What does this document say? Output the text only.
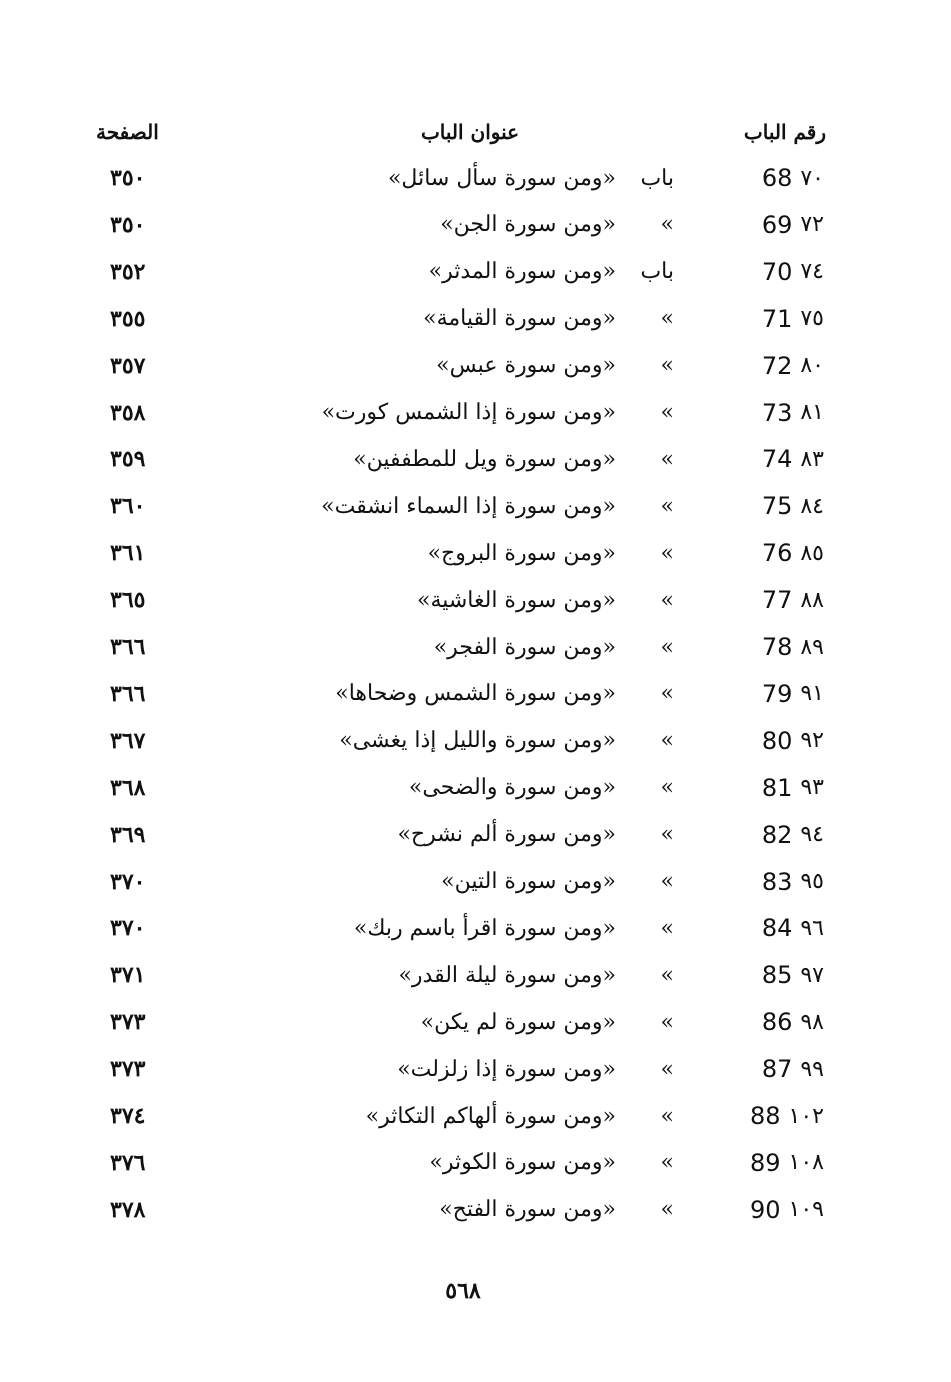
رقم الباب
عنوان الباب
الصفحة
68 ٧٠
باب
«ومن سورة سأل سائل»
٣٥٠
69 ٧٢
»
«ومن سورة الجن»
٣٥٠
70 ٧٤
باب
«ومن سورة المدثر»
٣٥٢
71 ٧٥
»
«ومن سورة القيامة»
٣٥٥
72 ٨٠
»
«ومن سورة عبس»
٣٥٧
73 ٨١
»
«ومن سورة إذا الشمس كورت»
٣٥٨
74 ٨٣
»
«ومن سورة ويل للمطففين»
٣٥٩
75 ٨٤
»
«ومن سورة إذا السماء انشقت»
٣٦٠
76 ٨٥
»
«ومن سورة البروج»
٣٦١
77 ٨٨
»
«ومن سورة الغاشية»
٣٦٥
78 ٨٩
»
«ومن سورة الفجر»
٣٦٦
79 ٩١
»
«ومن سورة الشمس وضحاها»
٣٦٦
80 ٩٢
»
«ومن سورة والليل إذا يغشى»
٣٦٧
81 ٩٣
»
«ومن سورة والضحى»
٣٦٨
82 ٩٤
»
«ومن سورة ألم نشرح»
٣٦٩
83 ٩٥
»
«ومن سورة التين»
٣٧٠
84 ٩٦
»
«ومن سورة اقرأ باسم ربك»
٣٧٠
85 ٩٧
»
«ومن سورة ليلة القدر»
٣٧١
86 ٩٨
»
«ومن سورة لم يكن»
٣٧٣
87 ٩٩
»
«ومن سورة إذا زلزلت»
٣٧٣
88 ١٠٢
»
«ومن سورة ألهاكم التكاثر»
٣٧٤
89 ١٠٨
»
«ومن سورة الكوثر»
٣٧٦
90 ١٠٩
»
«ومن سورة الفتح»
٣٧٨
٥٦٨
